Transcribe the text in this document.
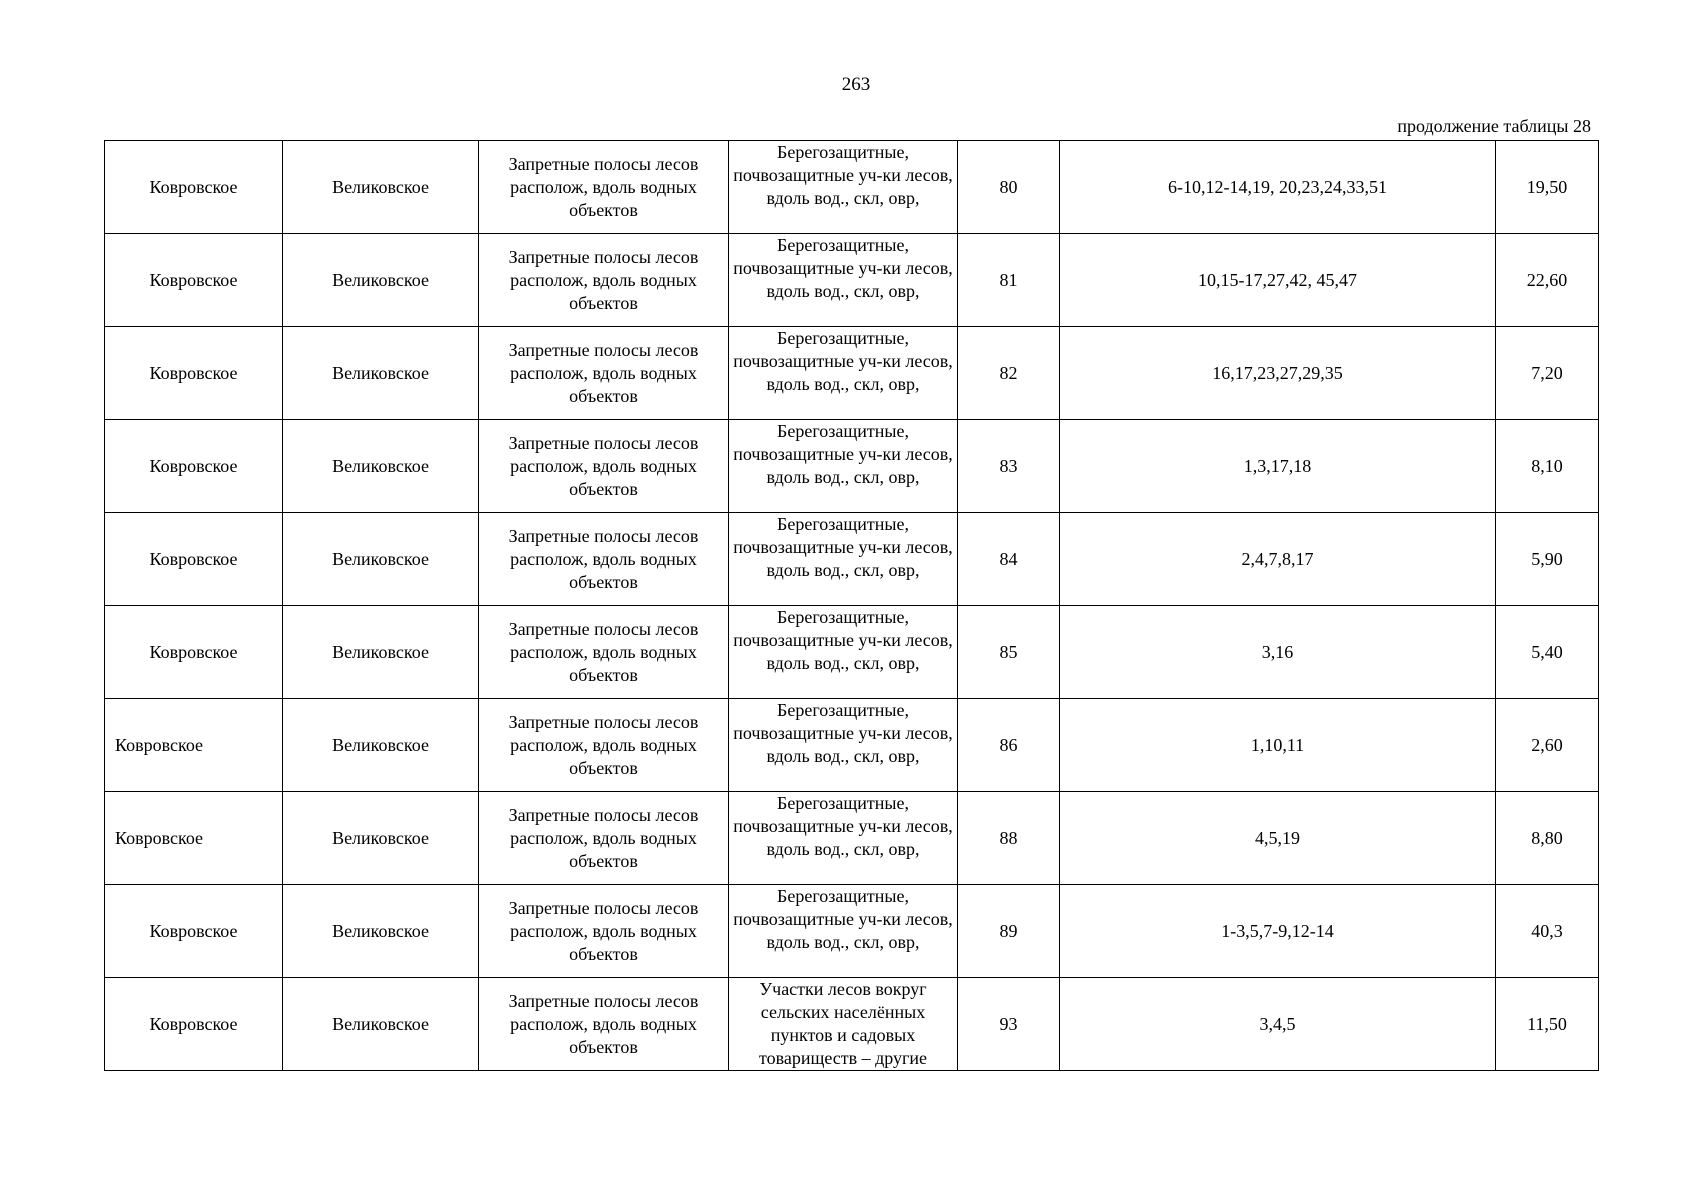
263
продолжение таблицы 28
Ковровское	Великовское	Запретные полосы лесов располож, вдоль водных объектов	Берегозащитные, почвозащитные уч-ки лесов, вдоль вод., скл, овр,	80	6-10,12-14,19, 20,23,24,33,51	19,50
Ковровское	Великовское	Запретные полосы лесов располож, вдоль водных объектов	Берегозащитные, почвозащитные уч-ки лесов, вдоль вод., скл, овр,	81	10,15-17,27,42, 45,47	22,60
Ковровское	Великовское	Запретные полосы лесов располож, вдоль водных объектов	Берегозащитные, почвозащитные уч-ки лесов, вдоль вод., скл, овр,	82	16,17,23,27,29,35	7,20
Ковровское	Великовское	Запретные полосы лесов располож, вдоль водных объектов	Берегозащитные, почвозащитные уч-ки лесов, вдоль вод., скл, овр,	83	1,3,17,18	8,10
Ковровское	Великовское	Запретные полосы лесов располож, вдоль водных объектов	Берегозащитные, почвозащитные уч-ки лесов, вдоль вод., скл, овр,	84	2,4,7,8,17	5,90
Ковровское	Великовское	Запретные полосы лесов располож, вдоль водных объектов	Берегозащитные, почвозащитные уч-ки лесов, вдоль вод., скл, овр,	85	3,16	5,40
Ковровское	Великовское	Запретные полосы лесов располож, вдоль водных объектов	Берегозащитные, почвозащитные уч-ки лесов, вдоль вод., скл, овр,	86	1,10,11	2,60
Ковровское	Великовское	Запретные полосы лесов располож, вдоль водных объектов	Берегозащитные, почвозащитные уч-ки лесов, вдоль вод., скл, овр,	88	4,5,19	8,80
Ковровское	Великовское	Запретные полосы лесов располож, вдоль водных объектов	Берегозащитные, почвозащитные уч-ки лесов, вдоль вод., скл, овр,	89	1-3,5,7-9,12-14	40,3
Ковровское	Великовское	Запретные полосы лесов располож, вдоль водных объектов	Участки лесов вокруг сельских населённых пунктов и садовых товариществ – другие	93	3,4,5	11,50
